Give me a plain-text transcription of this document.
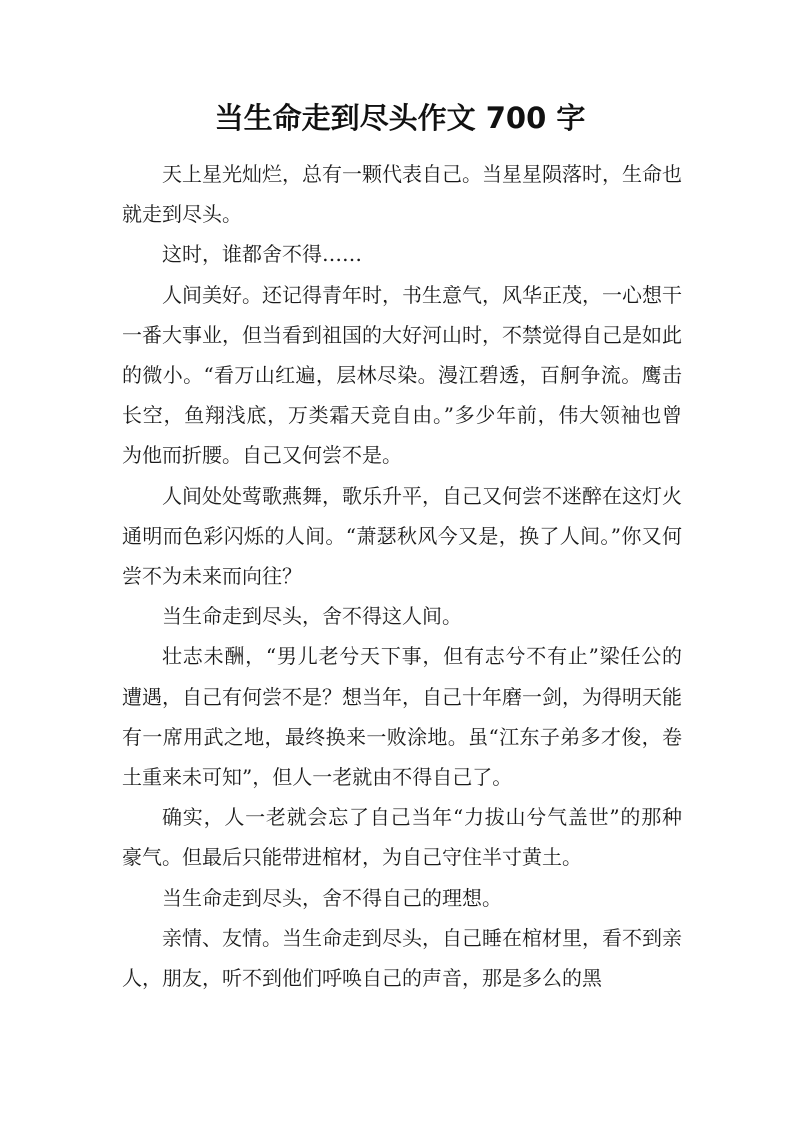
当生命走到尽头作文 700 字

天上星光灿烂，总有一颗代表自己。当星星陨落时，生命也就走到尽头。

这时，谁都舍不得……

人间美好。还记得青年时，书生意气，风华正茂，一心想干一番大事业，但当看到祖国的大好河山时，不禁觉得自己是如此的微小。“看万山红遍，层林尽染。漫江碧透，百舸争流。鹰击长空，鱼翔浅底，万类霜天竞自由。”多少年前，伟大领袖也曾为他而折腰。自己又何尝不是。

人间处处莺歌燕舞，歌乐升平，自己又何尝不迷醉在这灯火通明而色彩闪烁的人间。“萧瑟秋风今又是，换了人间。”你又何尝不为未来而向往？

当生命走到尽头，舍不得这人间。

壮志未酬，“男儿老兮天下事，但有志兮不有止”梁任公的遭遇，自己有何尝不是？想当年，自己十年磨一剑，为得明天能有一席用武之地，最终换来一败涂地。虽“江东子弟多才俊，卷土重来未可知”，但人一老就由不得自己了。

确实，人一老就会忘了自己当年“力拔山兮气盖世”的那种豪气。但最后只能带进棺材，为自己守住半寸黄土。

当生命走到尽头，舍不得自己的理想。

亲情、友情。当生命走到尽头，自己睡在棺材里，看不到亲人，朋友，听不到他们呼唤自己的声音，那是多么的黑
